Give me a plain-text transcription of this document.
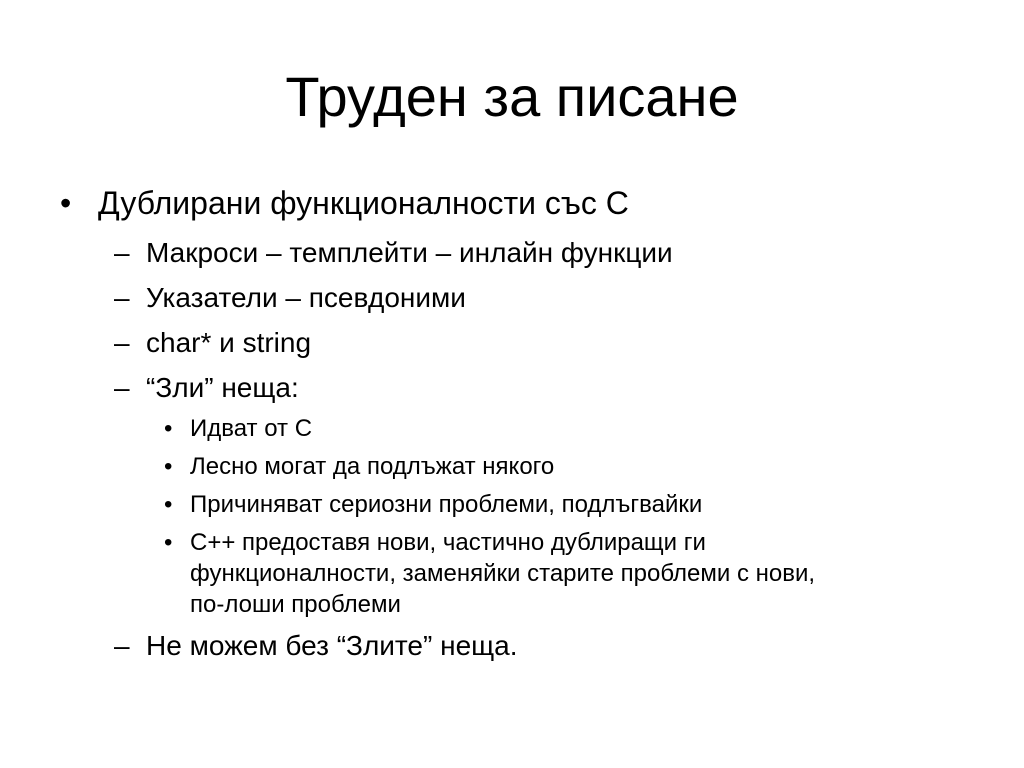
Труден за писане
• Дублирани функционалности със С
– Макроси – темплейти – инлайн функции
– Указатели – псевдоними
– char* и string
– “Зли” неща:
• Идват от С
• Лесно могат да подлъжат някого
• Причиняват сериозни проблеми, подлъгвайки
• С++ предоставя нови, частично дублиращи ги
функционалности, заменяйки старите проблеми с нови,
по-лоши проблеми
– Не можем без “Злите” неща.
